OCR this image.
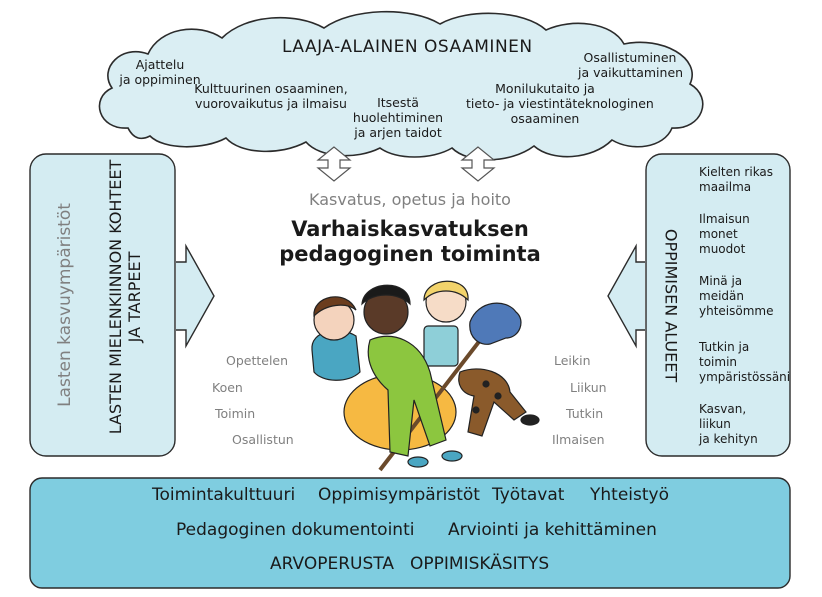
LAAJA-ALAINEN OSAAMINEN
Ajattelu
ja oppiminen
Kulttuurinen osaaminen,
vuorovaikutus ja ilmaisu	Itsestä
huolehtiminen
ja arjen taidot
Monilukutaito ja
tieto- ja viestintäteknologinen
osaaminen
Osallistuminen
ja vaikuttaminen
Kasvatus, opetus ja hoito
Varhaiskasvatuksen
pedagoginen toiminta
Opettelen
Koen
Toimin
Osallistun
Leikin
Liikun
Tutkin
Ilmaisen
Lasten kasvuympäristöt LASTEN MIELENKIINNON KOHTEET JA TARPEET	OPPIMISEN ALUEET
Kielten rikas
maailma
Ilmaisun
monet
muodot
Minä ja
meidän
yhteisömme
Tutkin ja
toimin
ympäristössäni
Kasvan,
liikun
ja kehityn
Toimintakulttuuri Oppimisympäristöt Työtavat Yhteistyö
Pedagoginen dokumentointi Arviointi ja kehittäminen
ARVOPERUSTA OPPIMISKÄSITYS
